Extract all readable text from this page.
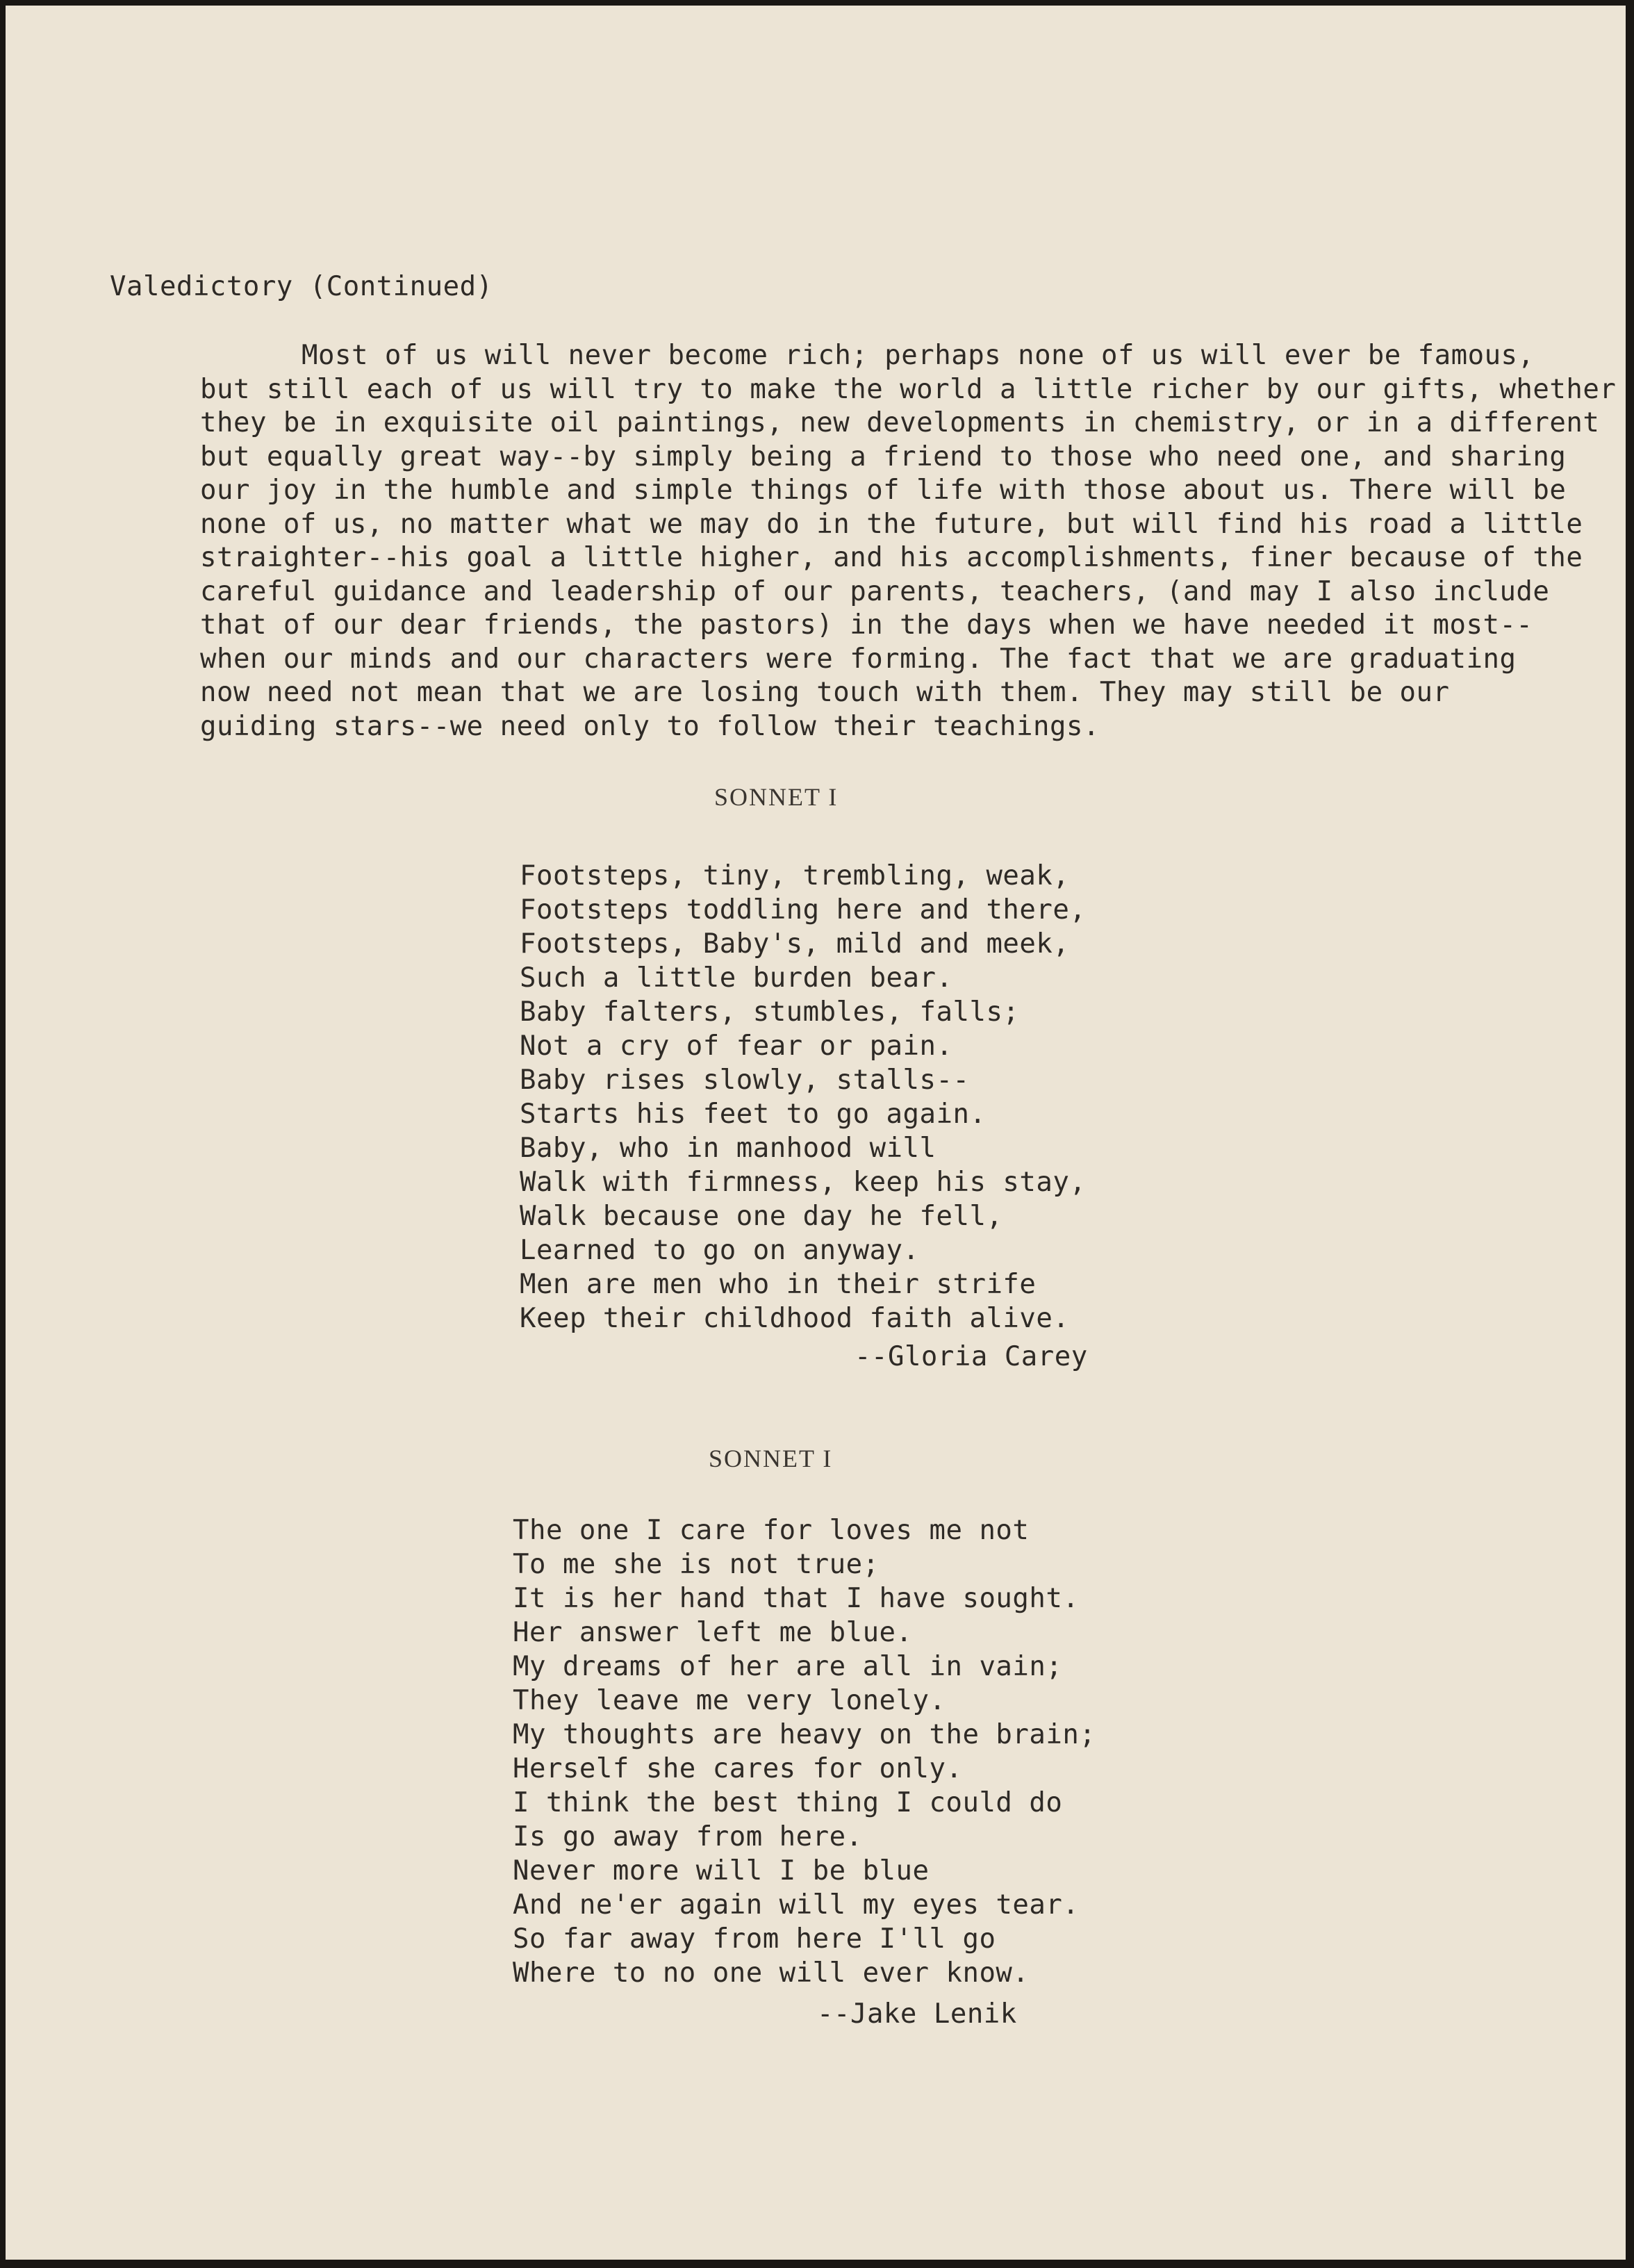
Valedictory (Continued)
Most of us will never become rich; perhaps none of us will ever be famous,
but still each of us will try to make the world a little richer by our gifts, whether
they be in exquisite oil paintings, new developments in chemistry, or in a different
but equally great way--by simply being a friend to those who need one, and sharing
our joy in the humble and simple things of life with those about us. There will be
none of us, no matter what we may do in the future, but will find his road a little
straighter--his goal a little higher, and his accomplishments, finer because of the
careful guidance and leadership of our parents, teachers, (and may I also include
that of our dear friends, the pastors) in the days when we have needed it most--
when our minds and our characters were forming. The fact that we are graduating
now need not mean that we are losing touch with them. They may still be our
guiding stars--we need only to follow their teachings.
SONNET I
Footsteps, tiny, trembling, weak,
Footsteps toddling here and there,
Footsteps, Baby's, mild and meek,
Such a little burden bear.
Baby falters, stumbles, falls;
Not a cry of fear or pain.
Baby rises slowly, stalls--
Starts his feet to go again.
Baby, who in manhood will
Walk with firmness, keep his stay,
Walk because one day he fell,
Learned to go on anyway.
Men are men who in their strife
Keep their childhood faith alive.
--Gloria Carey
SONNET I
The one I care for loves me not
To me she is not true;
It is her hand that I have sought.
Her answer left me blue.
My dreams of her are all in vain;
They leave me very lonely.
My thoughts are heavy on the brain;
Herself she cares for only.
I think the best thing I could do
Is go away from here.
Never more will I be blue
And ne'er again will my eyes tear.
So far away from here I'll go
Where to no one will ever know.
--Jake Lenik
